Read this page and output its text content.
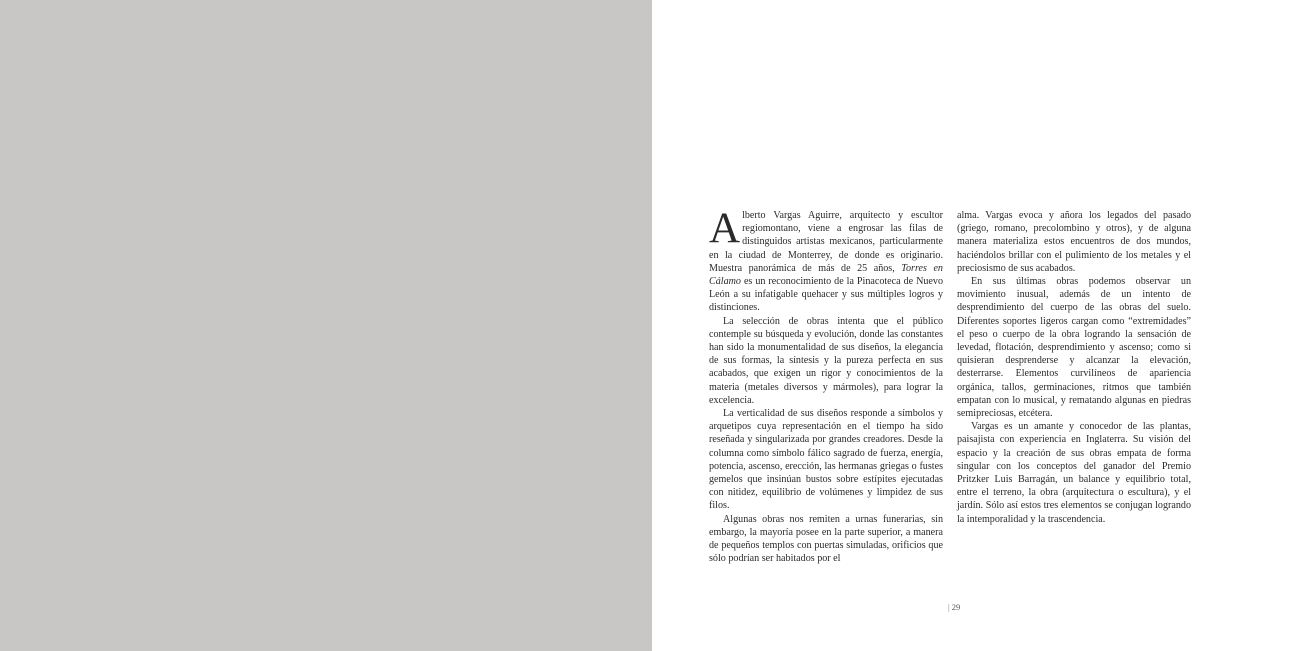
Alberto Vargas Aguirre, arquitecto y escultor regiomontano, viene a engrosar las filas de distinguidos artistas mexicanos, particularmente en la ciudad de Monterrey, de donde es originario. Muestra panorámica de más de 25 años, Torres en Cálamo es un reconocimiento de la Pinacoteca de Nuevo León a su infatigable quehacer y sus múltiples logros y distinciones.

La selección de obras intenta que el público contemple su búsqueda y evolución, donde las constantes han sido la monumentalidad de sus diseños, la elegancia de sus formas, la síntesis y la pureza perfecta en sus acabados, que exigen un rigor y conocimientos de la materia (metales diversos y mármoles), para lograr la excelencia.

La verticalidad de sus diseños responde a símbolos y arquetipos cuya representación en el tiempo ha sido reseñada y singularizada por grandes creadores. Desde la columna como símbolo fálico sagrado de fuerza, energía, potencia, ascenso, erección, las hermanas griegas o fustes gemelos que insinúan bustos sobre estípites ejecutadas con nitidez, equilibrio de volúmenes y limpidez de sus filos.

Algunas obras nos remiten a urnas funerarias, sin embargo, la mayoría posee en la parte superior, a manera de pequeños templos con puertas simuladas, orificios que sólo podrían ser habitados por el

alma. Vargas evoca y añora los legados del pasado (griego, romano, precolombino y otros), y de alguna manera materializa estos encuentros de dos mundos, haciéndolos brillar con el pulimiento de los metales y el preciosismo de sus acabados.

En sus últimas obras podemos observar un movimiento inusual, además de un intento de desprendimiento del cuerpo de las obras del suelo. Diferentes soportes ligeros cargan como “extremidades” el peso o cuerpo de la obra logrando la sensación de levedad, flotación, desprendimiento y ascenso; como si quisieran desprenderse y alcanzar la elevación, desterrarse. Elementos curvilíneos de apariencia orgánica, tallos, germinaciones, ritmos que también empatan con lo musical, y rematando algunas en piedras semipreciosas, etcétera.

Vargas es un amante y conocedor de las plantas, paisajista con experiencia en Inglaterra. Su visión del espacio y la creación de sus obras empata de forma singular con los conceptos del ganador del Premio Pritzker Luis Barragán, un balance y equilibrio total, entre el terreno, la obra (arquitectura o escultura), y el jardín. Sólo así estos tres elementos se conjugan logrando la intemporalidad y la trascendencia.

| 29
